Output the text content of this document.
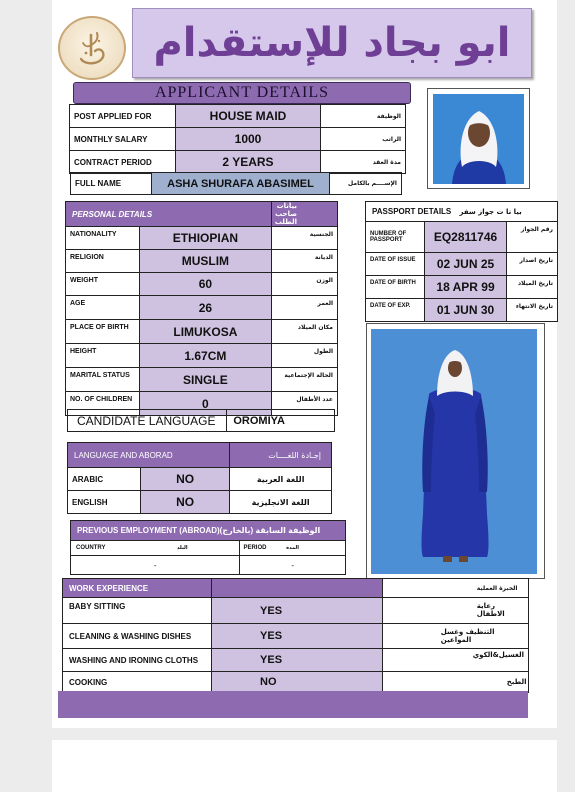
ابو بجاد للإستقدام
APPLICANT DETAILS
POST APPLIED FOR	HOUSE MAID	الوظيفة
MONTHLY SALARY	1000	الراتب
CONTRACT PERIOD	2 YEARS	مدة العقد
FULL NAME	ASHA SHURAFA ABASIMEL	الإســــم بالكامل
PERSONAL DETAILS		بيانات صاحب الطلب
NATIONALITY	ETHIOPIAN	الجنسية
RELIGION	MUSLIM	الديانة
WEIGHT	60	الوزن
AGE	26	العمر
PLACE OF BIRTH	LIMUKOSA	مكان الميلاد
HEIGHT	1.67CM	الطول
MARITAL STATUS	SINGLE	الحالة الإجتماعية
NO. OF CHILDREN	0	عدد الأطفال
CANDIDATE LANGUAGE	OROMIYA
PASSPORT DETAILS بيا نا ت جواز سفر		
NUMBER OF PASSPORT	EQ2811746	رقم الجواز
DATE OF ISSUE	02 JUN 25	تاريخ اصدار
DATE OF BIRTH	18 APR 99	تاريخ الميلاد
DATE OF EXP.	01 JUN 30	تاريخ الانتهاء
LANGUAGE AND ABORAD		إجـادة اللغــــات
ARABIC	NO	اللغة العربية
ENGLISH	NO	اللغة الانجليزية
PREVIOUS EMPLOYMENT (ABROAD)(الوظيفة السابقة (بالخارج	
COUNTRY البلد	PERIOD المدة
-	-
WORK EXPERIENCE		الخبرة العملية
BABY SITTING	YES	رعاية الاطفال
CLEANING & WASHING DISHES	YES	التنظيف وغسل المواعين
WASHING AND IRONING CLOTHS	YES	الغسيل&الكوي
COOKING	NO	الطبخ
